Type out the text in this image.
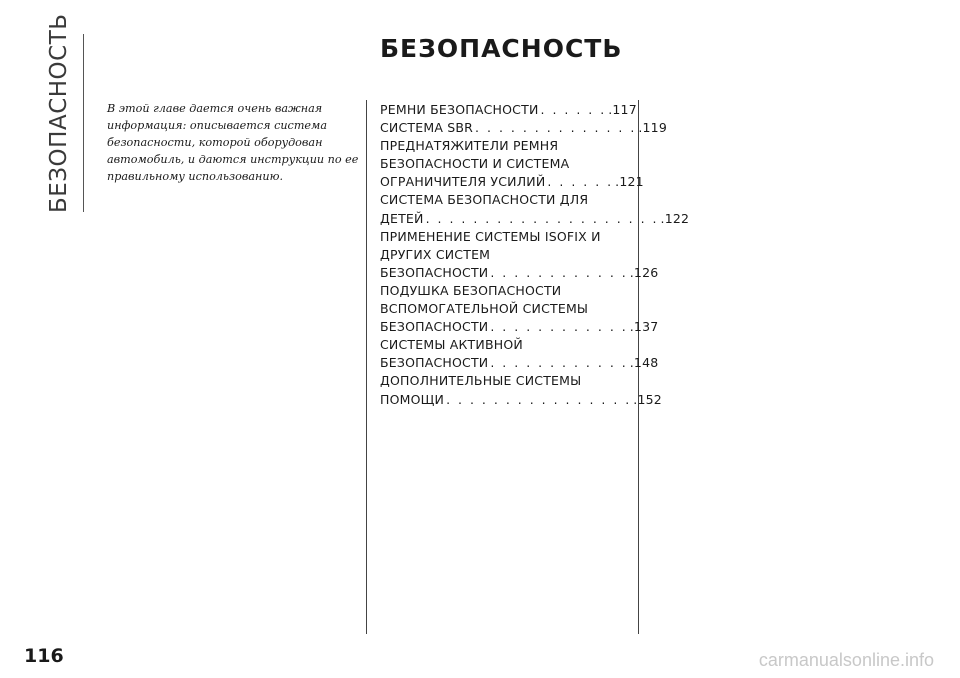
БЕЗОПАСНОСТЬ	БЕЗОПАСНОСТЬ
В этой главе дается очень важная
информация: описывается система
безопасности, которой оборудован
автомобиль, и даются инструкции по ее
правильному использованию.
РЕМНИ БЕЗОПАСНОСТИ . . . . . . .117
СИСТЕМА SBR . . . . . . . . . . . . . . .119
ПРЕДНАТЯЖИТЕЛИ РЕМНЯ
БЕЗОПАСНОСТИ И СИСТЕМА
ОГРАНИЧИТЕЛЯ УСИЛИЙ . . . . . . .121
СИСТЕМА БЕЗОПАСНОСТИ ДЛЯ
ДЕТЕЙ . . . . . . . . . . . . . . . . . . . . .122
ПРИМЕНЕНИЕ СИСТЕМЫ ISOFIX И
ДРУГИХ СИСТЕМ
БЕЗОПАСНОСТИ . . . . . . . . . . . . .126
ПОДУШКА БЕЗОПАСНОСТИ
ВСПОМОГАТЕЛЬНОЙ СИСТЕМЫ
БЕЗОПАСНОСТИ . . . . . . . . . . . . .137
СИСТЕМЫ АКТИВНОЙ
БЕЗОПАСНОСТИ . . . . . . . . . . . . .148
ДОПОЛНИТЕЛЬНЫЕ СИСТЕМЫ
ПОМОЩИ . . . . . . . . . . . . . . . . .152
116	carmanualsonline.info
